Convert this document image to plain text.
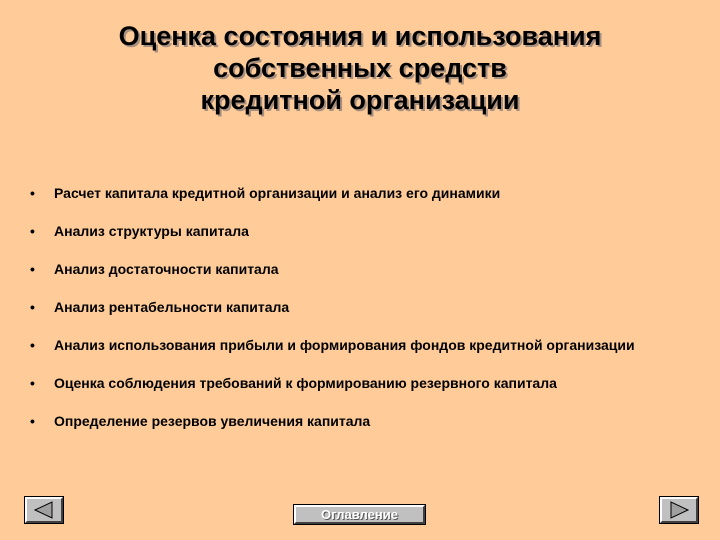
Оценка состояния и использования
собственных средств
кредитной организации
• Расчет капитала кредитной организации и анализ его динамики
• Анализ структуры капитала
• Анализ достаточности капитала
• Анализ рентабельности капитала
• Анализ использования прибыли и формирования фондов кредитной организации
• Оценка соблюдения требований к формированию резервного капитала
• Определение резервов увеличения капитала
Оглавление
